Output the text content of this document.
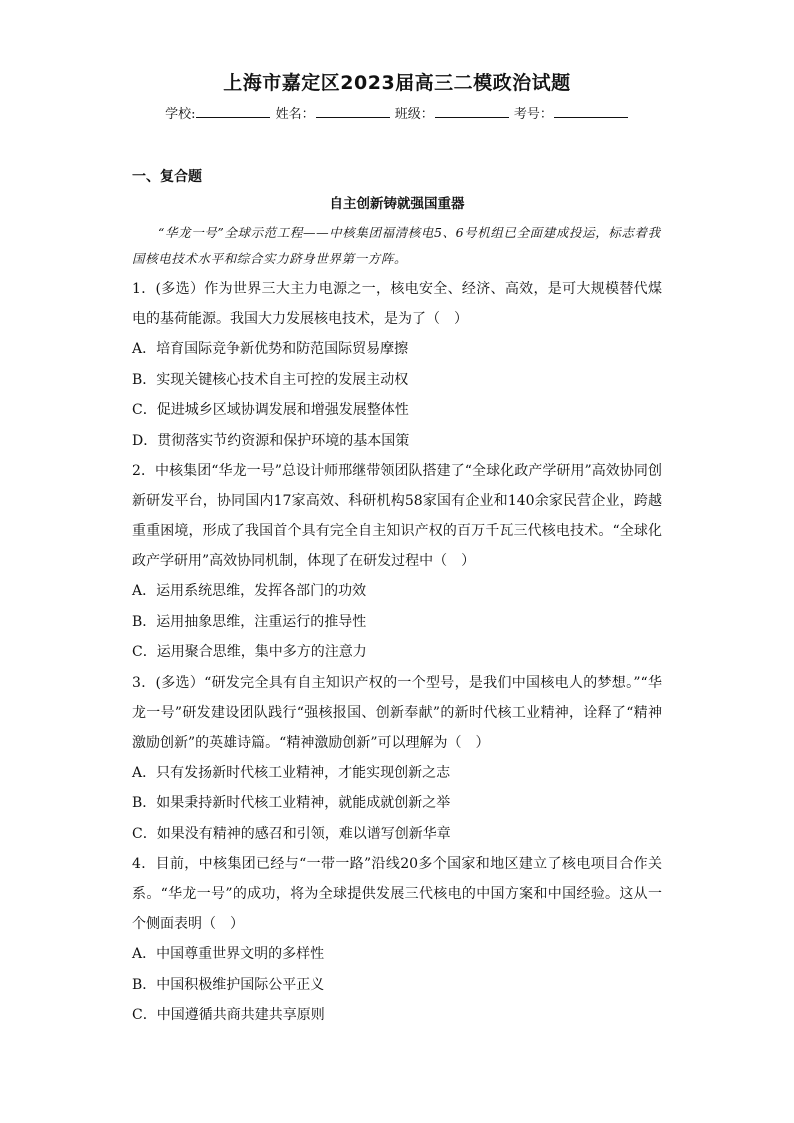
上海市嘉定区2023届高三二模政治试题
学校:	姓名：	班级：	考号：
一、复合题
自主创新铸就强国重器

“华龙一号”全球示范工程——中核集团福清核电5、6号机组已全面建成投运，标志着我国核电技术水平和综合实力跻身世界第一方阵。

1．(多选）作为世界三大主力电源之一，核电安全、经济、高效，是可大规模替代煤电的基荷能源。我国大力发展核电技术，是为了（　）

A．培育国际竞争新优势和防范国际贸易摩擦

B．实现关键核心技术自主可控的发展主动权

C．促进城乡区域协调发展和增强发展整体性

D．贯彻落实节约资源和保护环境的基本国策

2．中核集团“华龙一号”总设计师邢继带领团队搭建了“全球化政产学研用”高效协同创新研发平台，协同国内17家高效、科研机构58家国有企业和140余家民营企业，跨越重重困境，形成了我国首个具有完全自主知识产权的百万千瓦三代核电技术。“全球化政产学研用”高效协同机制，体现了在研发过程中（　）

A．运用系统思维，发挥各部门的功效

B．运用抽象思维，注重运行的推导性

C．运用聚合思维，集中多方的注意力

3．(多选）“研发完全具有自主知识产权的一个型号，是我们中国核电人的梦想。”“华龙一号”研发建设团队践行“强核报国、创新奉献”的新时代核工业精神，诠释了“精神激励创新”的英雄诗篇。“精神激励创新”可以理解为（　）

A．只有发扬新时代核工业精神，才能实现创新之志

B．如果秉持新时代核工业精神，就能成就创新之举

C．如果没有精神的感召和引领，难以谱写创新华章

4．目前，中核集团已经与“一带一路”沿线20多个国家和地区建立了核电项目合作关系。“华龙一号”的成功，将为全球提供发展三代核电的中国方案和中国经验。这从一个侧面表明（　）

A．中国尊重世界文明的多样性

B．中国积极维护国际公平正义

C．中国遵循共商共建共享原则
